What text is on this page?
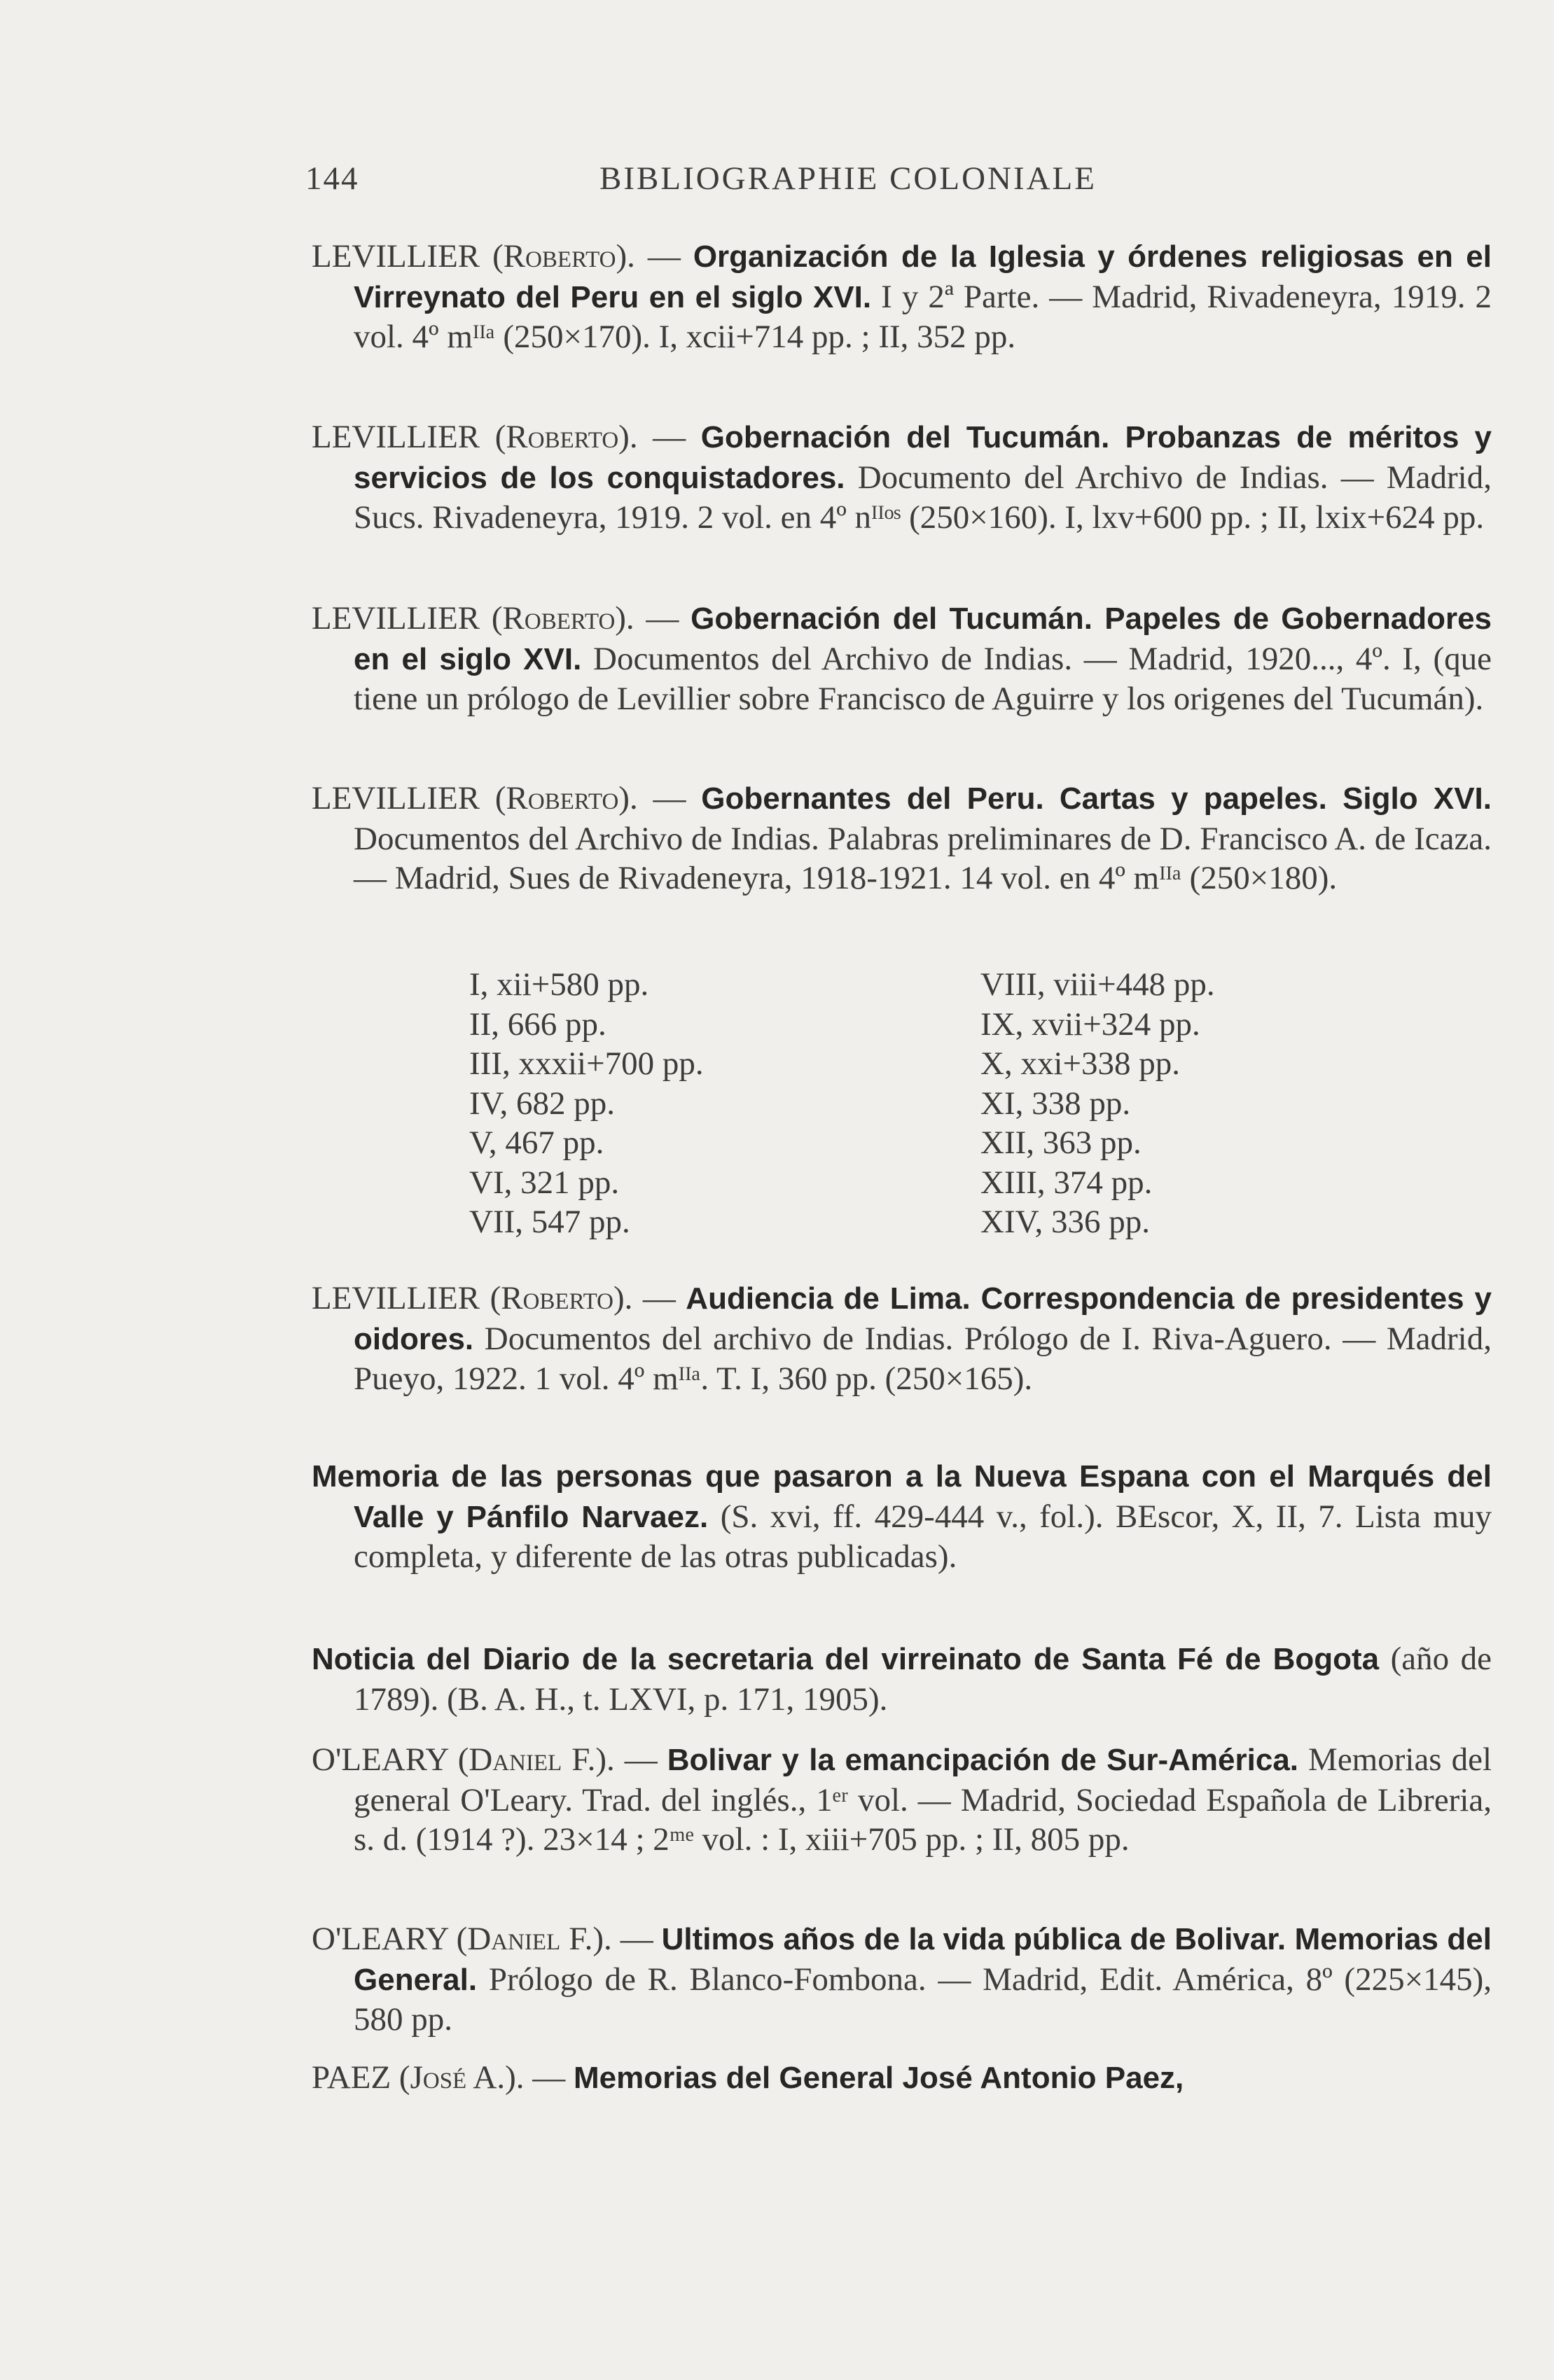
144	BIBLIOGRAPHIE COLONIALE
LEVILLIER (Roberto). — Organización de la Iglesia y órdenes religiosas en el Virreynato del Peru en el siglo XVI. I y 2ª Parte. — Madrid, Rivadeneyra, 1919. 2 vol. 4º mᴵᴵᵃ (250×170). I, xcii+714 pp. ; II, 352 pp.
LEVILLIER (Roberto). — Gobernación del Tucumán. Probanzas de méritos y servicios de los conquistadores. Documento del Archivo de Indias. — Madrid, Sucs. Rivadeneyra, 1919. 2 vol. en 4º nᴵᴵᵒˢ (250×160). I, lxv+600 pp. ; II, lxix+624 pp.
LEVILLIER (Roberto). — Gobernación del Tucumán. Papeles de Gobernadores en el siglo XVI. Documentos del Archivo de Indias. — Madrid, 1920..., 4º. I, (que tiene un prólogo de Levillier sobre Francisco de Aguirre y los origenes del Tucumán).
LEVILLIER (Roberto). — Gobernantes del Peru. Cartas y papeles. Siglo XVI. Documentos del Archivo de Indias. Palabras preliminares de D. Francisco A. de Icaza. — Madrid, Sues de Rivadeneyra, 1918-1921. 14 vol. en 4º mᴵᴵᵃ (250×180).
I, xii+580 pp.
II, 666 pp.
III, xxxii+700 pp.
IV, 682 pp.
V, 467 pp.
VI, 321 pp.
VII, 547 pp.
VIII, viii+448 pp.
IX, xvii+324 pp.
X, xxi+338 pp.
XI, 338 pp.
XII, 363 pp.
XIII, 374 pp.
XIV, 336 pp.
LEVILLIER (Roberto). — Audiencia de Lima. Correspondencia de presidentes y oidores. Documentos del archivo de Indias. Prólogo de I. Riva-Aguero. — Madrid, Pueyo, 1922. 1 vol. 4º mᴵᴵᵃ. T. I, 360 pp. (250×165).
Memoria de las personas que pasaron a la Nueva Espana con el Marqués del Valle y Pánfilo Narvaez. (S. xvi, ff. 429-444 v., fol.). BEscor, X, II, 7. Lista muy completa, y diferente de las otras publicadas).
Noticia del Diario de la secretaria del virreinato de Santa Fé de Bogota (año de 1789). (B. A. H., t. LXVI, p. 171, 1905).
O'LEARY (Daniel F.). — Bolivar y la emancipación de Sur-América. Memorias del general O'Leary. Trad. del inglés., 1ᵉʳ vol. — Madrid, Sociedad Española de Libreria, s. d. (1914 ?). 23×14 ; 2ᵐᵉ vol. : I, xiii+705 pp. ; II, 805 pp.
O'LEARY (Daniel F.). — Ultimos años de la vida pública de Bolivar. Memorias del General. Prólogo de R. Blanco-Fombona. — Madrid, Edit. América, 8º (225×145), 580 pp.
PAEZ (José A.). — Memorias del General José Antonio Paez,
